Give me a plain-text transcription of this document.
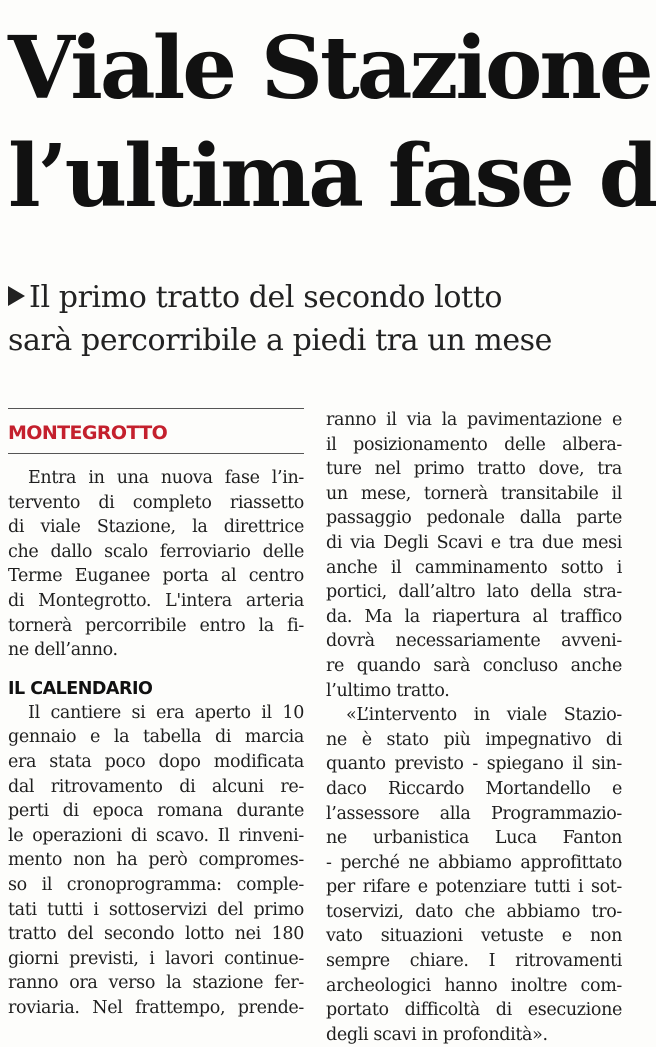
Viale Stazione
l’ultima fase d
Il primo tratto del secondo lotto
sarà percorribile a piedi tra un mese
MONTEGROTTO
Entra in una nuova fase l’in-
tervento di completo riassetto
di viale Stazione, la direttrice
che dallo scalo ferroviario delle
Terme Euganee porta al centro
di Montegrotto. L'intera arteria
tornerà percorribile entro la fi-
ne dell’anno.
IL CALENDARIO
Il cantiere si era aperto il 10
gennaio e la tabella di marcia
era stata poco dopo modificata
dal ritrovamento di alcuni re-
perti di epoca romana durante
le operazioni di scavo. Il rinveni-
mento non ha però compromes-
so il cronoprogramma: comple-
tati tutti i sottoservizi del primo
tratto del secondo lotto nei 180
giorni previsti, i lavori continue-
ranno ora verso la stazione fer-
roviaria. Nel frattempo, prende-
ranno il via la pavimentazione e
il posizionamento delle albera-
ture nel primo tratto dove, tra
un mese, tornerà transitabile il
passaggio pedonale dalla parte
di via Degli Scavi e tra due mesi
anche il camminamento sotto i
portici, dall’altro lato della stra-
da. Ma la riapertura al traffico
dovrà necessariamente avveni-
re quando sarà concluso anche
l’ultimo tratto.
«L’intervento in viale Stazio-
ne è stato più impegnativo di
quanto previsto - spiegano il sin-
daco Riccardo Mortandello e
l’assessore alla Programmazio-
ne urbanistica Luca Fanton
- perché ne abbiamo approfittato
per rifare e potenziare tutti i sot-
toservizi, dato che abbiamo tro-
vato situazioni vetuste e non
sempre chiare. I ritrovamenti
archeologici hanno inoltre com-
portato difficoltà di esecuzione
degli scavi in profondità».
